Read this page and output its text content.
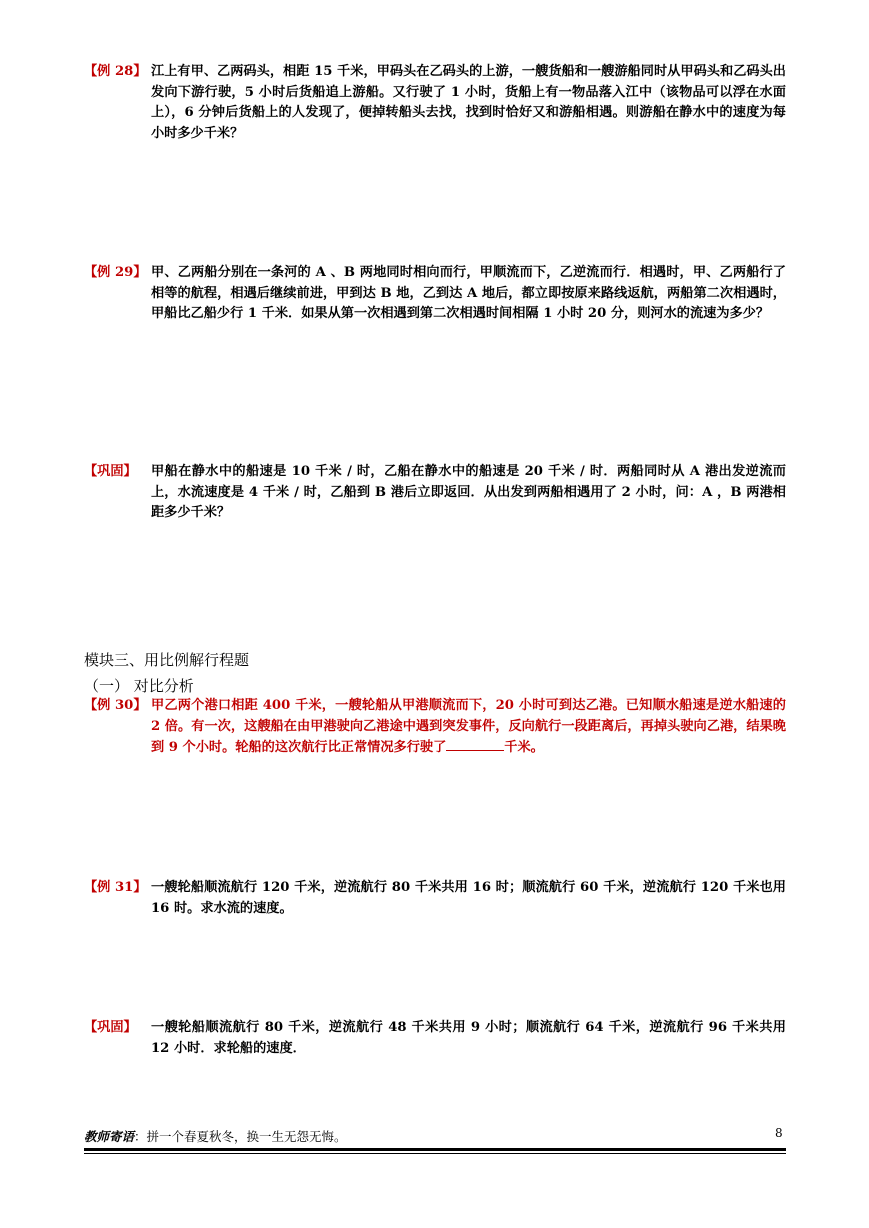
【例 28】 江上有甲、乙两码头，相距 15 千米，甲码头在乙码头的上游，一艘货船和一艘游船同时从甲码头和乙码头出发向下游行驶，5 小时后货船追上游船。又行驶了 1 小时，货船上有一物品落入江中（该物品可以浮在水面上），6 分钟后货船上的人发现了，便掉转船头去找，找到时恰好又和游船相遇。则游船在静水中的速度为每小时多少千米？
【例 29】 甲、乙两船分别在一条河的 A 、B 两地同时相向而行，甲顺流而下，乙逆流而行．相遇时，甲、乙两船行了相等的航程，相遇后继续前进，甲到达 B 地，乙到达 A 地后，都立即按原来路线返航，两船第二次相遇时，甲船比乙船少行 1 千米．如果从第一次相遇到第二次相遇时间相隔 1 小时 20 分，则河水的流速为多少？
【巩固】 甲船在静水中的船速是 10 千米 / 时，乙船在静水中的船速是 20 千米 / 时．两船同时从 A 港出发逆流而上，水流速度是 4 千米 / 时，乙船到 B 港后立即返回．从出发到两船相遇用了 2 小时，问：A ，B 两港相距多少千米？
模块三、用比例解行程题
（一） 对比分析
【例 30】 甲乙两个港口相距 400 千米，一艘轮船从甲港顺流而下，20 小时可到达乙港。已知顺水船速是逆水船速的 2 倍。有一次，这艘船在由甲港驶向乙港途中遇到突发事件，反向航行一段距离后，再掉头驶向乙港，结果晚到 9 个小时。轮船的这次航行比正常情况多行驶了	千米。
【例 31】 一艘轮船顺流航行 120 千米，逆流航行 80 千米共用 16 时；顺流航行 60 千米，逆流航行 120 千米也用 16 时。求水流的速度。
【巩固】 一艘轮船顺流航行 80 千米，逆流航行 48 千米共用 9 小时；顺流航行 64 千米，逆流航行 96 千米共用 12 小时．求轮船的速度．
教师寄语：拼一个春夏秋冬，换一生无怨无悔。	8
